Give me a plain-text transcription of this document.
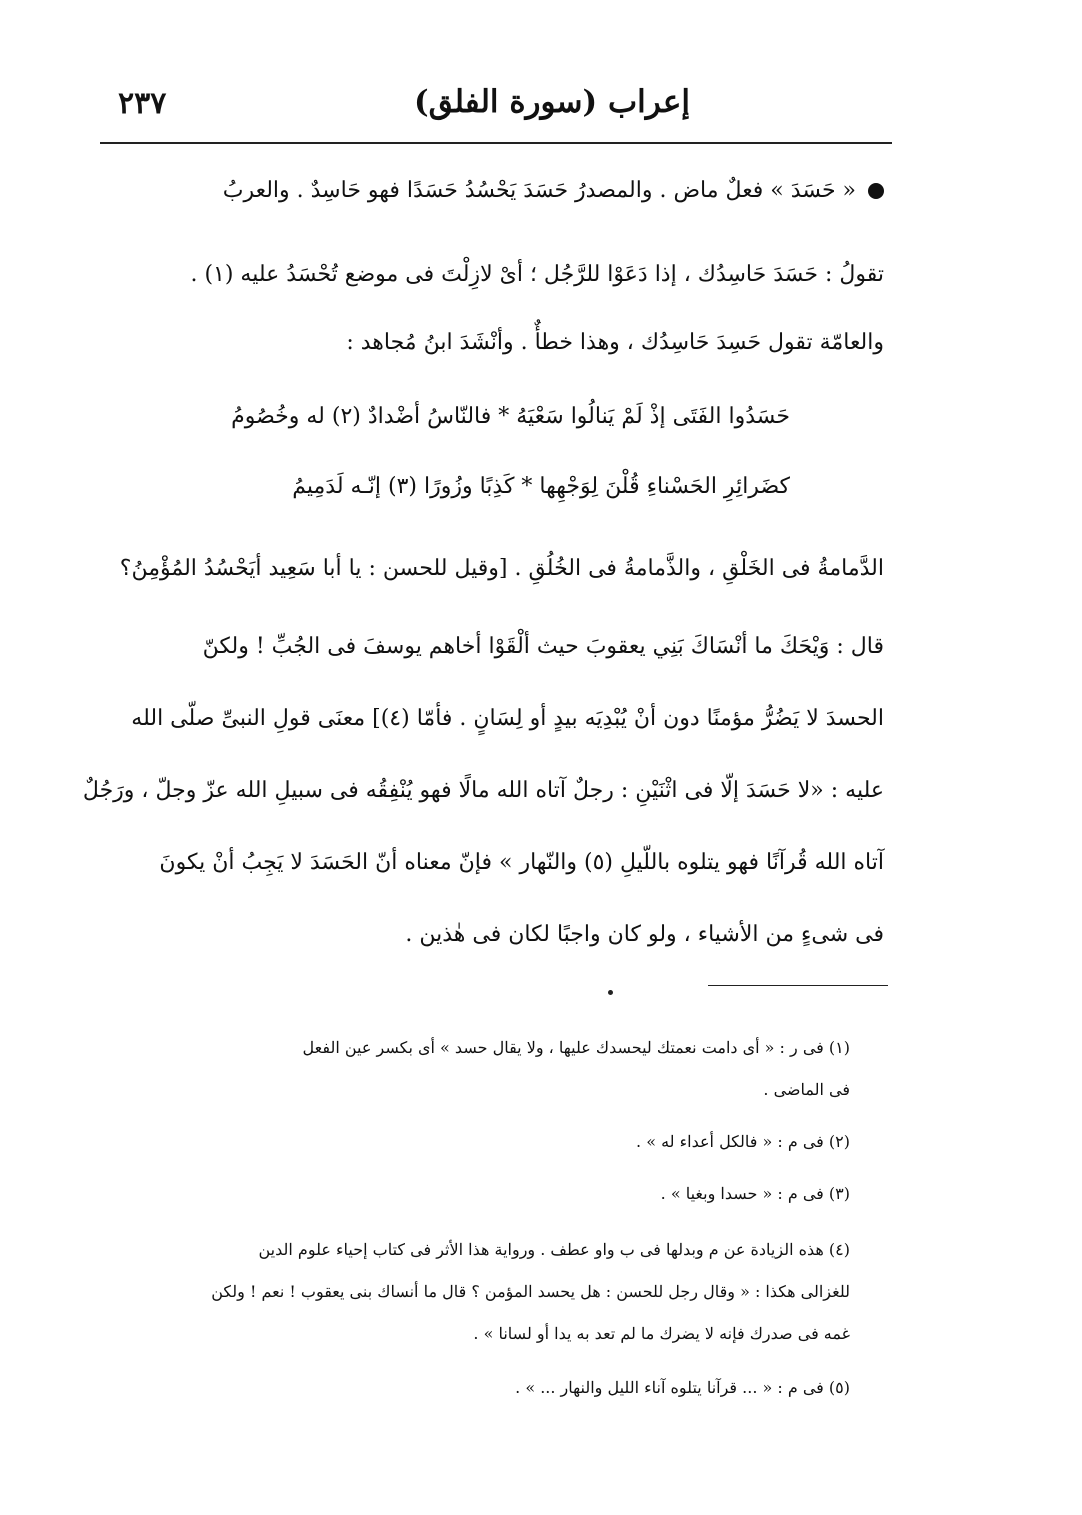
إعراب (سورة الفلق)
٢٣٧
« حَسَدَ » فعلٌ ماض . والمصدرُ حَسَدَ يَحْسُدُ حَسَدًا فهو حَاسِدٌ . والعربُ
تقولُ : حَسَدَ حَاسِدُك ، إذا دَعَوْا للرَّجُل ؛ أىْ لازِلْتَ فى موضع تُحْسَدُ عليه (١) .
والعامّة تقول حَسِدَ حَاسِدُك ، وهذا خطأٌ . وأنْشَدَ ابنُ مُجاهد :
حَسَدُوا الفَتَى إذْ لَمْ يَنالُوا سَعْيَهُ * فالنّاسُ أضْدادٌ (٢) له وخُصُومُ
كضَرائِرِ الحَسْناءِ قُلْنَ لِوَجْهِها * كَذِبًا وزُورًا (٣) إنّـه لَدَمِيمُ
الدَّمامةُ فى الخَلْقِ ، والذَّمامةُ فى الخُلُقِ . [وقيل للحسن : يا أبا سَعِيد أيَحْسُدُ المُؤْمِنُ؟
قال : وَيْحَكَ ما أنْسَاكَ بَنِي يعقوبَ حيث ألْقَوْا أخاهم يوسفَ فى الجُبِّ ! ولكنّ
الحسدَ لا يَضُرُّ مؤمنًا دون أنْ يُبْدِيَه بيدٍ أو لِسَانٍ . فأمّا (٤)] معنَى قولِ النبىِّ صلّى الله
عليه : «لا حَسَدَ إلّا فى اثْنَيْنِ : رجلٌ آتاه الله مالًا فهو يُنْفِقُه فى سبيلِ الله عزّ وجلّ ، ورَجُلٌ
آتاه الله قُرآنًا فهو يتلوه باللّيلِ (٥) والنّهار » فإنّ معناه أنّ الحَسَدَ لا يَجِبُ أنْ يكونَ
فى شىءٍ من الأشياء ، ولو كان واجبًا لكان فى هٰذين .
(١) فى ر : « أى دامت نعمتك ليحسدك عليها ، ولا يقال حسد » أى بكسر عين الفعل
فى الماضى .
(٢) فى م : « فالكل أعداء له » .
(٣) فى م : « حسدا وبغيا » .
(٤) هذه الزيادة عن م وبدلها فى ب واو عطف . ورواية هذا الأثر فى كتاب إحياء علوم الدين
للغزالى هكذا : « وقال رجل للحسن : هل يحسد المؤمن ؟ قال ما أنساك بنى يعقوب ! نعم ! ولكن
غمه فى صدرك فإنه لا يضرك ما لم تعد به يدا أو لسانا » .
(٥) فى م : « ... قرآنا يتلوه آناء الليل والنهار ... » .
